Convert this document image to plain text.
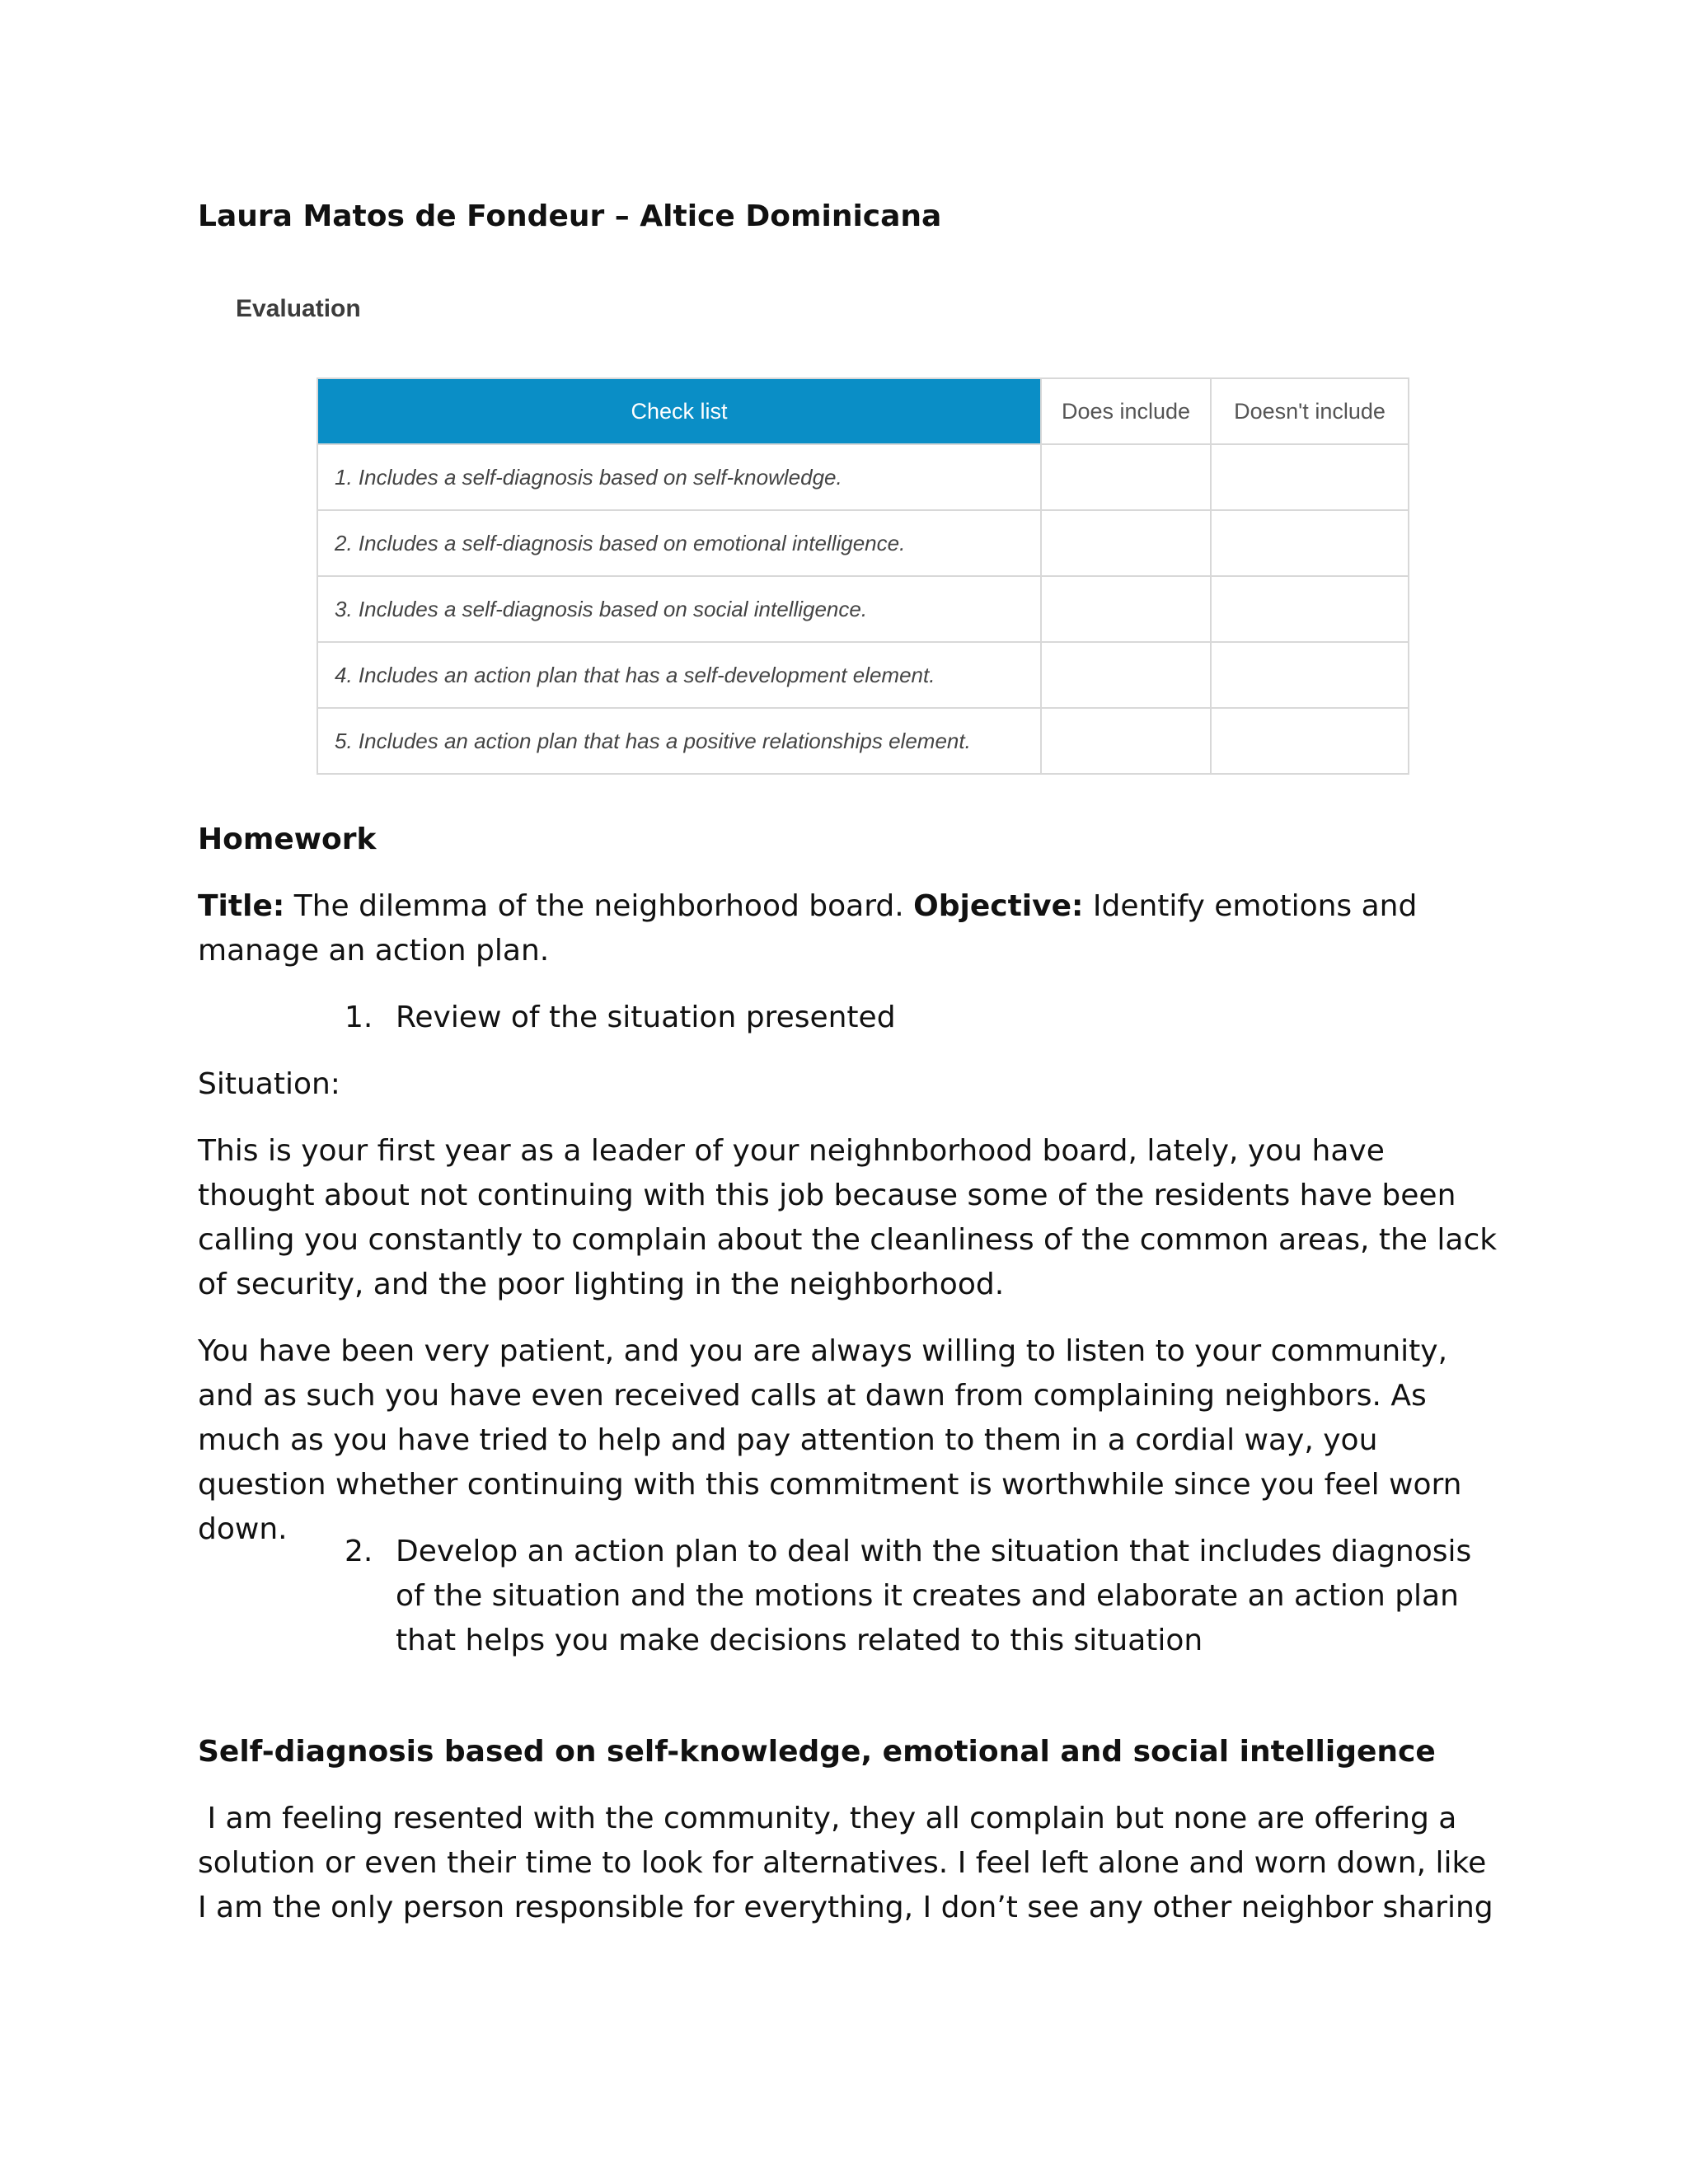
Laura Matos de Fondeur – Altice Dominicana
Evaluation
Check list	Does include	Doesn't include
1. Includes a self-diagnosis based on self-knowledge.		
2. Includes a self-diagnosis based on emotional intelligence.		
3. Includes a self-diagnosis based on social intelligence.		
4. Includes an action plan that has a self-development element.		
5. Includes an action plan that has a positive relationships element.		
Homework

Title: The dilemma of the neighborhood board. Objective: Identify emotions and manage an action plan.

1. Review of the situation presented

Situation:

This is your first year as a leader of your neighnborhood board, lately, you have thought about not continuing with this job because some of the residents have been calling you constantly to complain about the cleanliness of the common areas, the lack of security, and the poor lighting in the neighborhood.

You have been very patient, and you are always willing to listen to your community, and as such you have even received calls at dawn from complaining neighbors. As much as you have tried to help and pay attention to them in a cordial way, you question whether continuing with this commitment is worthwhile since you feel worn down.

2. Develop an action plan to deal with the situation that includes diagnosis of the situation and the motions it creates and elaborate an action plan that helps you make decisions related to this situation
Self-diagnosis based on self-knowledge, emotional and social intelligence

I am feeling resented with the community, they all complain but none are offering a solution or even their time to look for alternatives. I feel left alone and worn down, like I am the only person responsible for everything, I don’t see any other neighbor sharing
